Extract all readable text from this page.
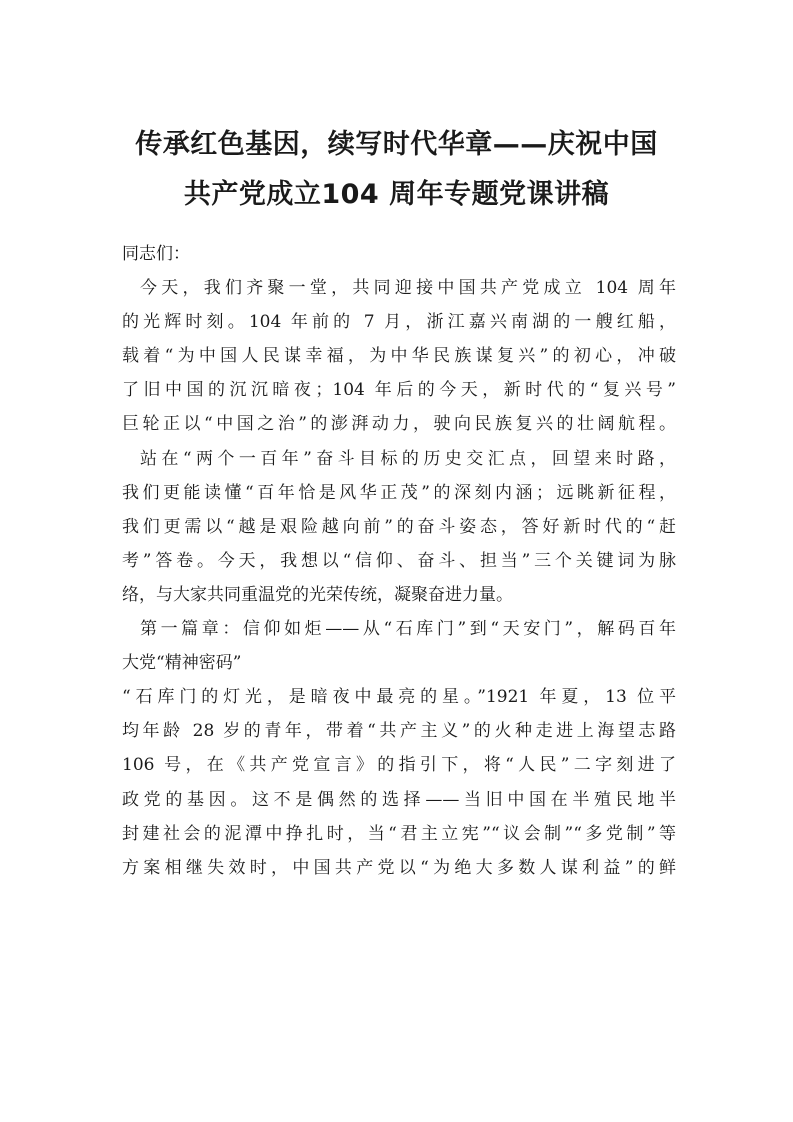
传承红色基因，续写时代华章——庆祝中国
共产党成立104 周年专题党课讲稿
同志们：
今天，我们齐聚一堂，共同迎接中国共产党成立 104 周年
的光辉时刻。104 年前的 7 月，浙江嘉兴南湖的一艘红船，
载着“为中国人民谋幸福，为中华民族谋复兴”的初心，冲破
了旧中国的沉沉暗夜；104 年后的今天，新时代的“复兴号”
巨轮正以“中国之治”的澎湃动力，驶向民族复兴的壮阔航程。
站在“两个一百年”奋斗目标的历史交汇点，回望来时路，
我们更能读懂“百年恰是风华正茂”的深刻内涵；远眺新征程，
我们更需以“越是艰险越向前”的奋斗姿态，答好新时代的“赶
考”答卷。今天，我想以“信仰、奋斗、担当”三个关键词为脉
络，与大家共同重温党的光荣传统，凝聚奋进力量。
第一篇章：信仰如炬——从“石库门”到“天安门”，解码百年
大党“精神密码”
“石库门的灯光，是暗夜中最亮的星。”1921 年夏，13 位平
均年龄 28 岁的青年，带着“共产主义”的火种走进上海望志路
106 号，在《共产党宣言》的指引下，将“人民”二字刻进了
政党的基因。这不是偶然的选择——当旧中国在半殖民地半
封建社会的泥潭中挣扎时，当“君主立宪”“议会制”“多党制”等
方案相继失效时，中国共产党以“为绝大多数人谋利益”的鲜
